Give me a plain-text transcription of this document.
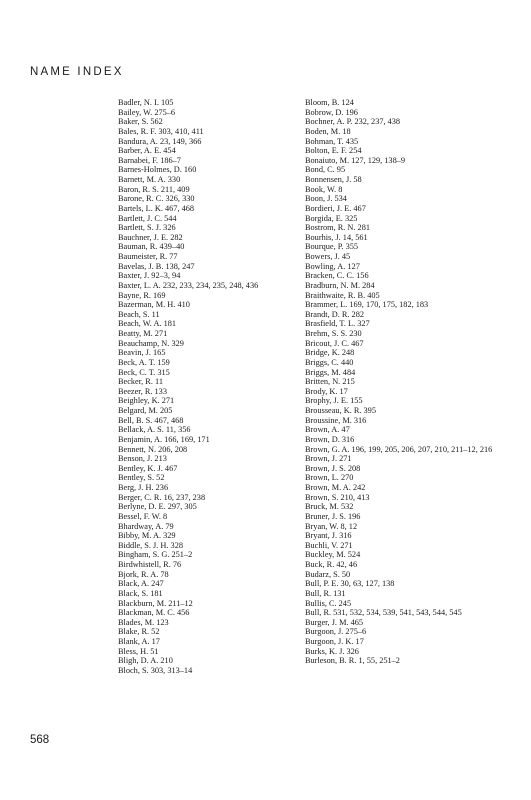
NAME INDEX
Badler, N. I. 105
Bailey, W. 275–6
Baker, S. 562
Bales, R. F. 303, 410, 411
Bandura, A. 23, 149, 366
Barber, A. E. 454
Barnabei, F. 186–7
Barnes-Holmes, D. 160
Barnett, M. A. 330
Baron, R. S. 211, 409
Barone, R. C. 326, 330
Bartels, L. K. 467, 468
Bartlett, J. C. 544
Bartlett, S. J. 326
Bauchner, J. E. 282
Bauman, R. 439–40
Baumeister, R. 77
Bavelas, J. B. 138, 247
Baxter, J. 92–3, 94
Baxter, L. A. 232, 233, 234, 235, 248, 436
Bayne, R. 169
Bazerman, M. H. 410
Beach, S. 11
Beach, W. A. 181
Beatty, M. 271
Beauchamp, N. 329
Beavin, J. 165
Beck, A. T. 159
Beck, C. T. 315
Becker, R. 11
Beezer, R. 133
Beighley, K. 271
Belgard, M. 205
Bell, B. S. 467, 468
Bellack, A. S. 11, 356
Benjamin, A. 166, 169, 171
Bennett, N. 206, 208
Benson, J. 213
Bentley, K. J. 467
Bentley, S. 52
Berg, J. H. 236
Berger, C. R. 16, 237, 238
Berlyne, D. E. 297, 305
Bessel, F. W. 8
Bhardway, A. 79
Bibby, M. A. 329
Biddle, S. J. H. 328
Bingham, S. G. 251–2
Birdwhistell, R. 76
Bjork, R. A. 78
Black, A. 247
Black, S. 181
Blackburn, M. 211–12
Blackman, M. C. 456
Blades, M. 123
Blake, R. 52
Blank, A. 17
Bless, H. 51
Bligh, D. A. 210
Bloch, S. 303, 313–14
Bloom, B. 124
Bobrow, D. 196
Bochner, A. P. 232, 237, 438
Boden, M. 18
Bohman, T. 435
Bolton, E. F. 254
Bonaiuto, M. 127, 129, 138–9
Bond, C. 95
Bonnensen, J. 58
Book, W. 8
Boon, J. 534
Bordieri, J. E. 467
Borgida, E. 325
Bostrom, R. N. 281
Bourhis, J. 14, 561
Bourque, P. 355
Bowers, J. 45
Bowling, A. 127
Bracken, C. C. 156
Bradburn, N. M. 284
Braithwaite, R. B. 405
Brammer, L. 169, 170, 175, 182, 183
Brandt, D. R. 282
Brasfield, T. L. 327
Brehm, S. S. 230
Bricout, J. C. 467
Bridge, K. 248
Briggs, C. 440
Briggs, M. 484
Britten, N. 215
Brody, K. 17
Brophy, J. E. 155
Brousseau, K. R. 395
Broussine, M. 316
Brown, A. 47
Brown, D. 316
Brown, G. A. 196, 199, 205, 206, 207, 210, 211–12, 216
Brown, J. 271
Brown, J. S. 208
Brown, L. 270
Brown, M. A. 242
Brown, S. 210, 413
Bruck, M. 532
Bruner, J. S. 196
Bryan, W. 8, 12
Bryant, J. 316
Buchli, V. 271
Buckley, M. 524
Buck, R. 42, 46
Budarz, S. 50
Bull, P. E. 30, 63, 127, 138
Bull, R. 131
Bullis, C. 245
Bull, R. 531, 532, 534, 539, 541, 543, 544, 545
Burger, J. M. 465
Burgoon, J. 275–6
Burgoon, J. K. 17
Burks, K. J. 326
Burleson, B. R. 1, 55, 251–2
568
